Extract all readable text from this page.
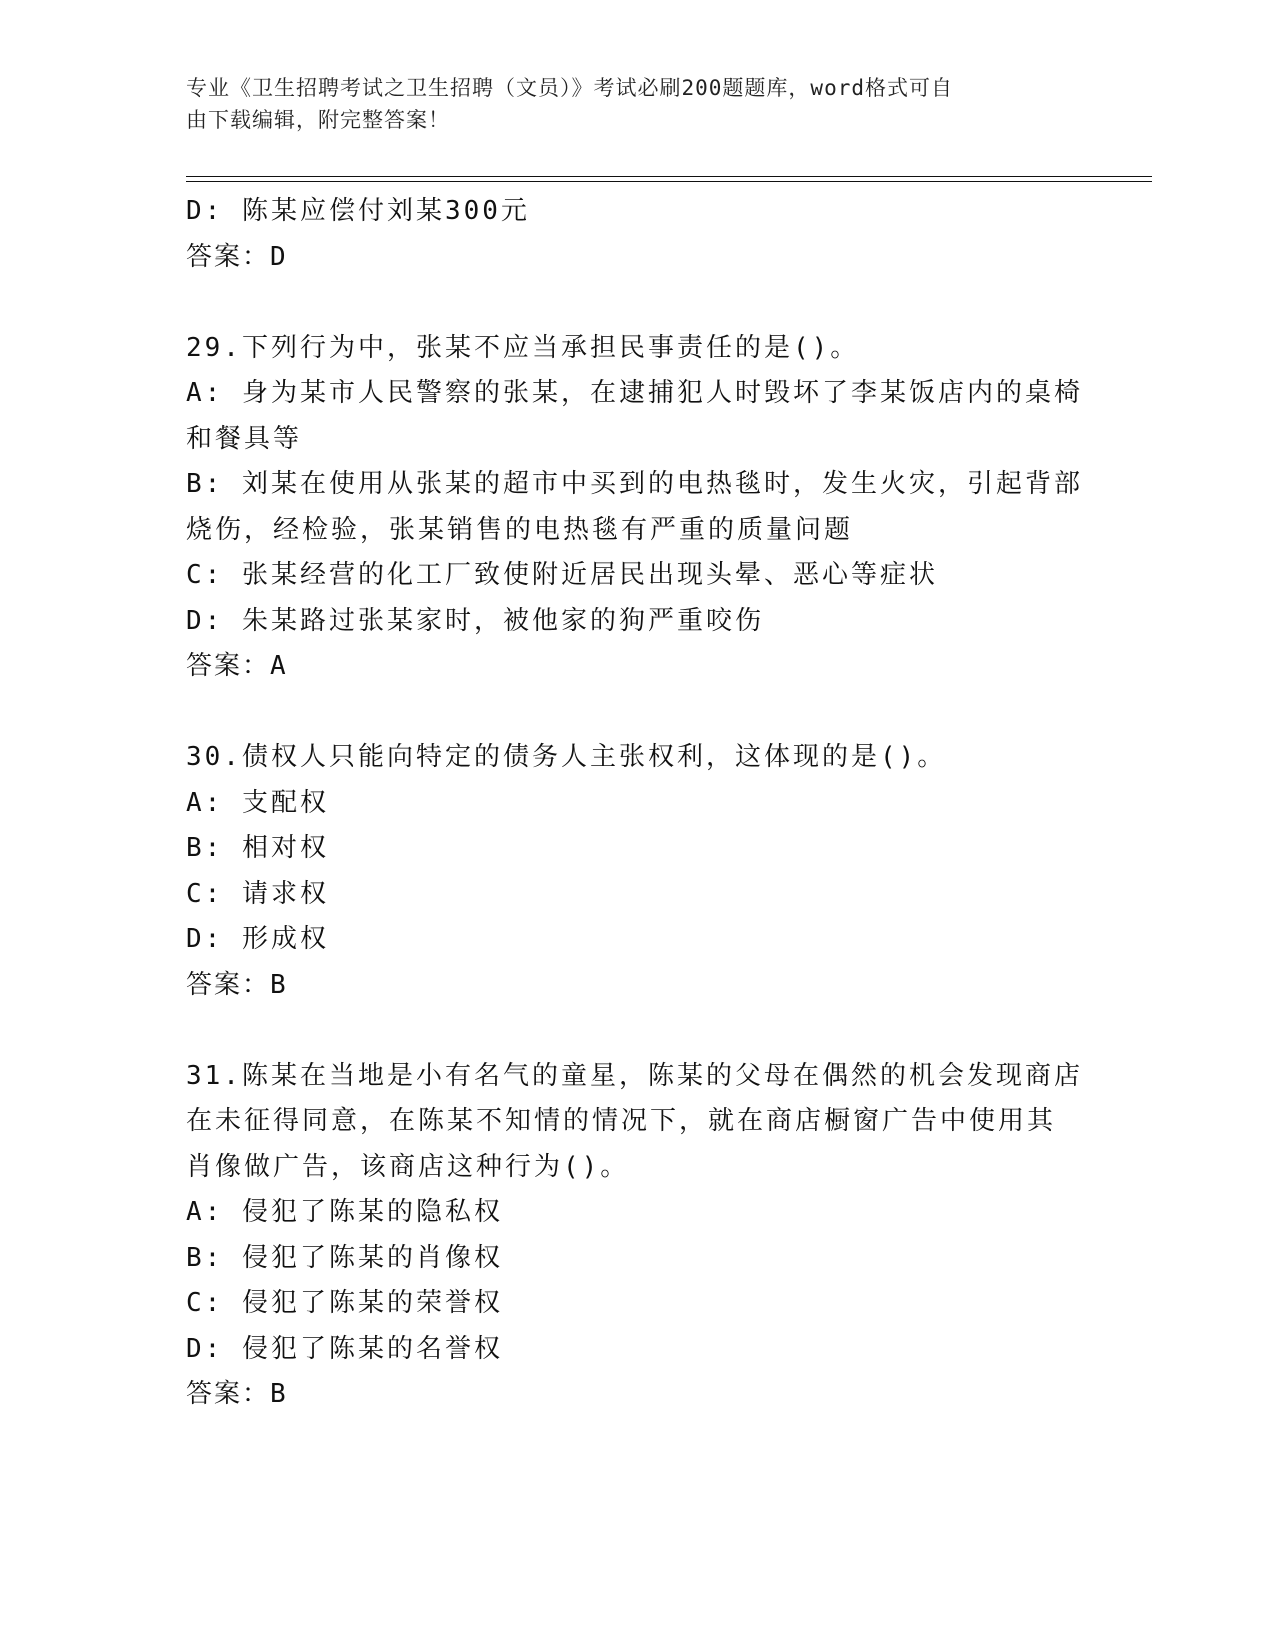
专业《卫生招聘考试之卫生招聘（文员）》考试必刷200题题库，word格式可自
由下载编辑，附完整答案！
D: 陈某应偿付刘某300元
答案：D
29.下列行为中，张某不应当承担民事责任的是()。
A: 身为某市人民警察的张某，在逮捕犯人时毁坏了李某饭店内的桌椅
和餐具等
B: 刘某在使用从张某的超市中买到的电热毯时，发生火灾，引起背部
烧伤，经检验，张某销售的电热毯有严重的质量问题
C: 张某经营的化工厂致使附近居民出现头晕、恶心等症状
D: 朱某路过张某家时，被他家的狗严重咬伤
答案：A
30.债权人只能向特定的债务人主张权利，这体现的是()。
A: 支配权
B: 相对权
C: 请求权
D: 形成权
答案：B
31.陈某在当地是小有名气的童星，陈某的父母在偶然的机会发现商店
在未征得同意，在陈某不知情的情况下，就在商店橱窗广告中使用其
肖像做广告，该商店这种行为()。
A: 侵犯了陈某的隐私权
B: 侵犯了陈某的肖像权
C: 侵犯了陈某的荣誉权
D: 侵犯了陈某的名誉权
答案：B
